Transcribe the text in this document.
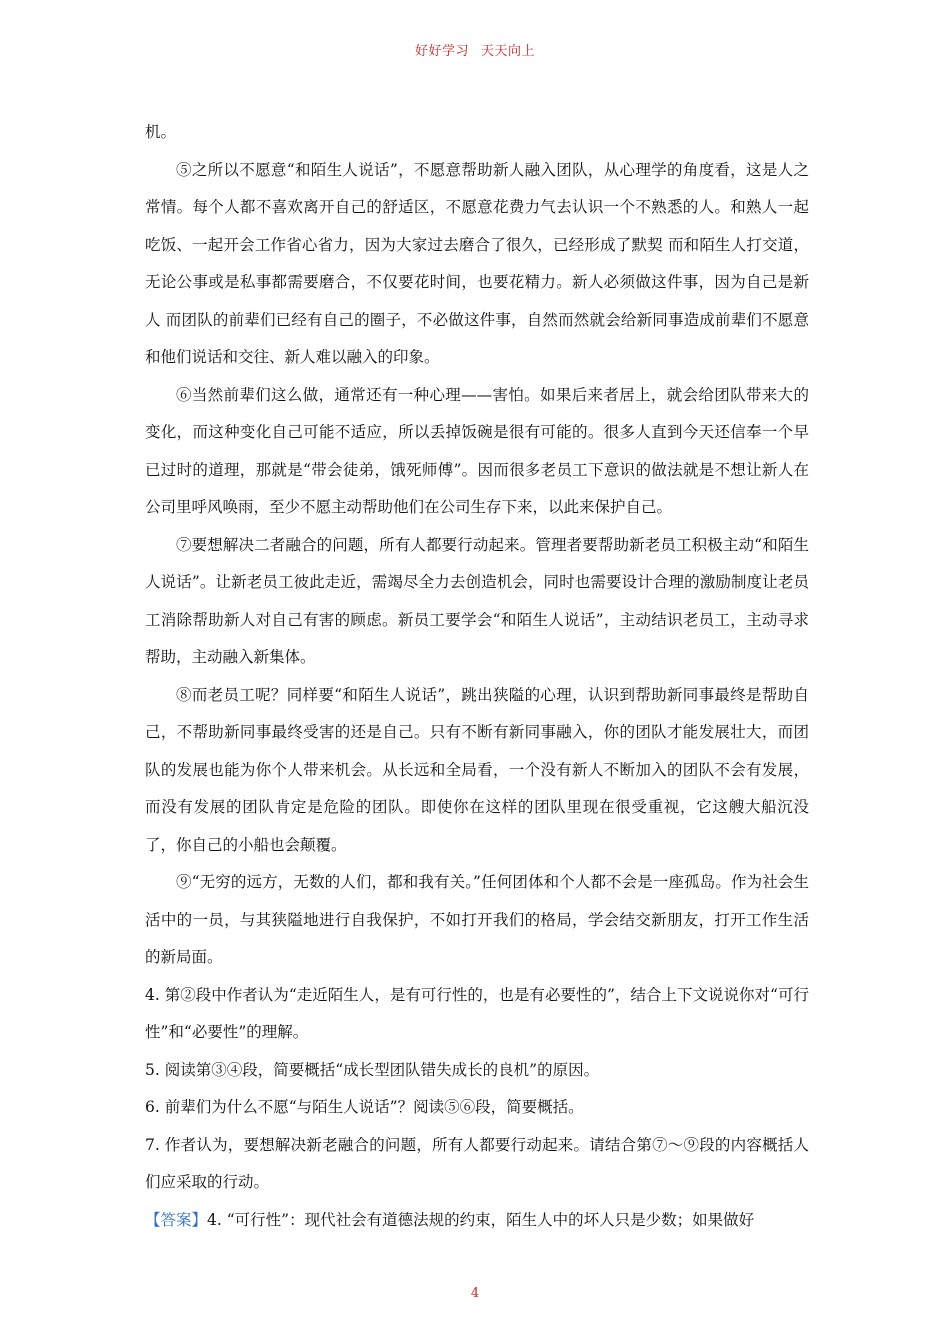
好好学习 天天向上

机。

⑤之所以不愿意“和陌生人说话”，不愿意帮助新人融入团队，从心理学的角度看，这是人之常情。每个人都不喜欢离开自己的舒适区，不愿意花费力气去认识一个不熟悉的人。和熟人一起吃饭、一起开会工作省心省力，因为大家过去磨合了很久，已经形成了默契 而和陌生人打交道，无论公事或是私事都需要磨合，不仅要花时间，也要花精力。新人必须做这件事，因为自己是新人 而团队的前辈们已经有自己的圈子，不必做这件事，自然而然就会给新同事造成前辈们不愿意和他们说话和交往、新人难以融入的印象。

⑥当然前辈们这么做，通常还有一种心理——害怕。如果后来者居上，就会给团队带来大的变化，而这种变化自己可能不适应，所以丢掉饭碗是很有可能的。很多人直到今天还信奉一个早已过时的道理，那就是“带会徒弟，饿死师傅”。因而很多老员工下意识的做法就是不想让新人在公司里呼风唤雨，至少不愿主动帮助他们在公司生存下来，以此来保护自己。

⑦要想解决二者融合的问题，所有人都要行动起来。管理者要帮助新老员工积极主动“和陌生人说话”。让新老员工彼此走近，需竭尽全力去创造机会，同时也需要设计合理的激励制度让老员工消除帮助新人对自己有害的顾虑。新员工要学会“和陌生人说话”，主动结识老员工，主动寻求帮助，主动融入新集体。

⑧而老员工呢？同样要“和陌生人说话”，跳出狭隘的心理，认识到帮助新同事最终是帮助自己，不帮助新同事最终受害的还是自己。只有不断有新同事融入，你的团队才能发展壮大，而团队的发展也能为你个人带来机会。从长远和全局看，一个没有新人不断加入的团队不会有发展，而没有发展的团队肯定是危险的团队。即使你在这样的团队里现在很受重视，它这艘大船沉没了，你自己的小船也会颠覆。

⑨“无穷的远方，无数的人们，都和我有关。”任何团体和个人都不会是一座孤岛。作为社会生活中的一员，与其狭隘地进行自我保护，不如打开我们的格局，学会结交新朋友，打开工作生活的新局面。

4. 第②段中作者认为“走近陌生人，是有可行性的，也是有必要性的”，结合上下文说说你对“可行性”和“必要性”的理解。

5. 阅读第③④段，简要概括“成长型团队错失成长的良机”的原因。

6. 前辈们为什么不愿“与陌生人说话”？阅读⑤⑥段，简要概括。

7. 作者认为，要想解决新老融合的问题，所有人都要行动起来。请结合第⑦～⑨段的内容概括人们应采取的行动。

【答案】4. “可行性”：现代社会有道德法规的约束，陌生人中的坏人只是少数；如果做好

4
